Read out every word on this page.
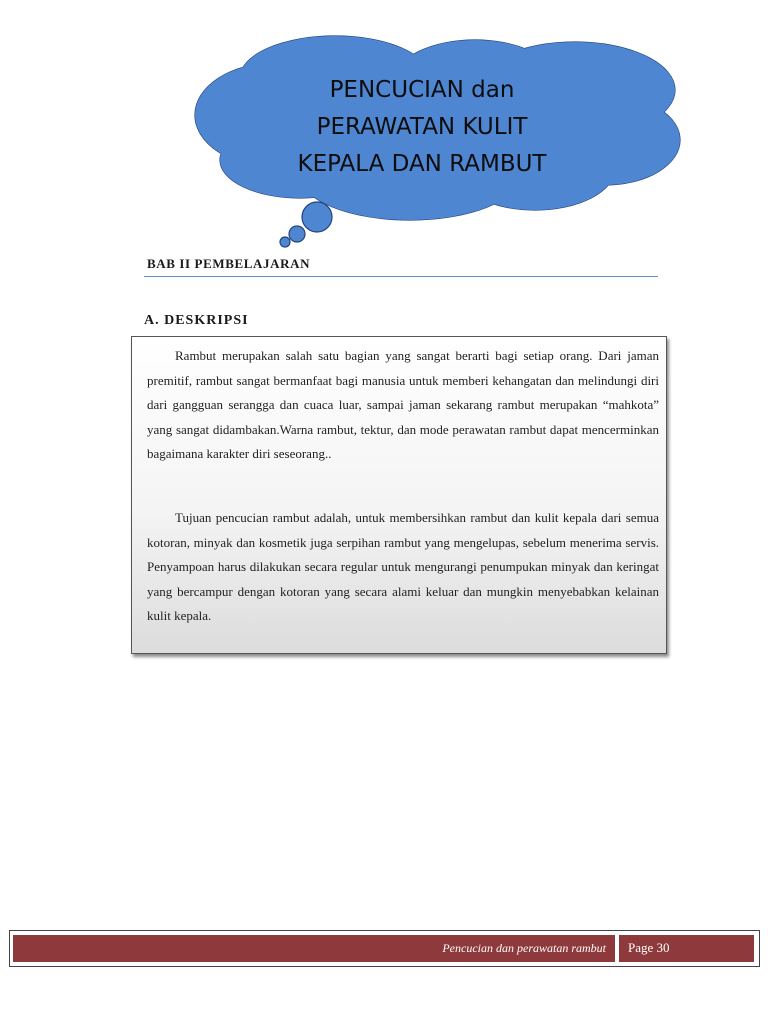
PENCUCIAN dan
PERAWATAN KULIT
KEPALA DAN RAMBUT
BAB II PEMBELAJARAN
A. DESKRIPSI

Rambut merupakan salah satu bagian yang sangat berarti bagi setiap orang. Dari jaman premitif, rambut sangat bermanfaat bagi manusia untuk memberi kehangatan dan melindungi diri dari gangguan serangga dan cuaca luar, sampai jaman sekarang rambut merupakan “mahkota” yang sangat didambakan.Warna rambut, tektur, dan mode perawatan rambut dapat mencerminkan bagaimana karakter diri seseorang..

Tujuan pencucian rambut adalah, untuk membersihkan rambut dan kulit kepala dari semua kotoran, minyak dan kosmetik juga serpihan rambut yang mengelupas, sebelum menerima servis. Penyampoan harus dilakukan secara regular untuk mengurangi penumpukan minyak dan keringat yang bercampur dengan kotoran yang secara alami keluar dan mungkin menyebabkan kelainan kulit kepala.

Pencucian dan perawatan rambut Page 30
